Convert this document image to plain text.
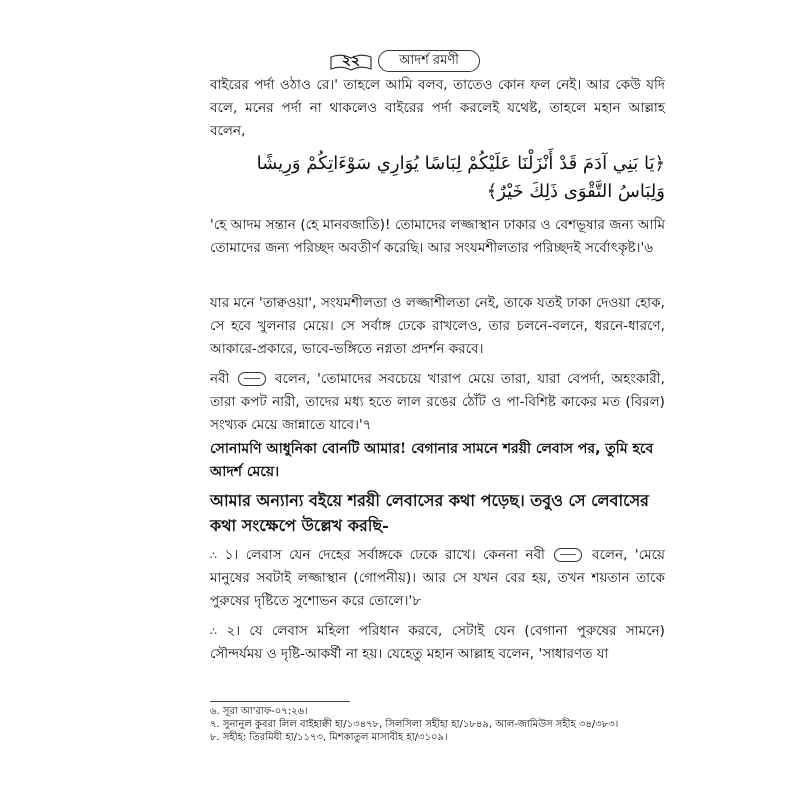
২২	আদর্শ রমণী

বাইরের পর্দা ওঠাও রে।' তাহলে আমি বলব, তাতেও কোন ফল নেই। আর কেউ যদি বলে, মনের পর্দা না থাকলেও বাইরের পর্দা করলেই যথেষ্ট, তাহলে মহান আল্লাহ বলেন,

﴿يَا بَنِي آدَمَ قَدْ أَنْزَلْنَا عَلَيْكُمْ لِبَاسًا يُوَارِي سَوْءَاتِكُمْ وَرِيشًا وَلِبَاسُ التَّقْوَى ذَلِكَ خَيْرٌ﴾

'হে আদম সন্তান (হে মানবজাতি)! তোমাদের লজ্জাস্থান ঢাকার ও বেশভূষার জন্য আমি তোমাদের জন্য পরিচ্ছদ অবতীর্ণ করেছি। আর সংযমশীলতার পরিচ্ছদই সর্বোৎকৃষ্ট।'৬

যার মনে 'তাক্বওয়া', সংযমশীলতা ও লজ্জাশীলতা নেই, তাকে যতই ঢাকা দেওয়া হোক, সে হবে খুলনার মেয়ে। সে সর্বাঙ্গ ঢেকে রাখলেও, তার চলনে-বলনে, ধরনে-ধারণে, আকারে-প্রকারে, ভাবে-ভঙ্গিতে নগ্নতা প্রদর্শন করবে।

নবী	বলেন, 'তোমাদের সবচেয়ে খারাপ মেয়ে তারা, যারা বেপর্দা, অহংকারী, তারা কপট নারী, তাদের মধ্য হতে লাল রঙের ঠোঁট ও পা-বিশিষ্ট কাকের মত (বিরল) সংখ্যক মেয়ে জান্নাতে যাবে।'৭

সোনামণি আধুনিকা বোনটি আমার! বেগানার সামনে শরয়ী লেবাস পর, তুমি হবে আদর্শ মেয়ে।
আমার অন্যান্য বইয়ে শরয়ী লেবাসের কথা পড়েছ। তবুও সে লেবাসের কথা সংক্ষেপে উল্লেখ করছি-

∴ ১। লেবাস যেন দেহের সর্বাঙ্গকে ঢেকে রাখে। কেননা নবী	বলেন, 'মেয়ে মানুষের সবটাই লজ্জাস্থান (গোপনীয়)। আর সে যখন বের হয়, তখন শয়তান তাকে পুরুষের দৃষ্টিতে সুশোভন করে তোলে।'৮

∴ ২। যে লেবাস মহিলা পরিধান করবে, সেটাই যেন (বেগানা পুরুষের সামনে) সৌন্দর্যময় ও দৃষ্টি-আকর্ষী না হয়। যেহেতু মহান আল্লাহ বলেন, 'সাধারণত যা

৬. সূরা আ'রাফ-০৭:২৬।
৭. সুনানুল কুবরা লিল বাইহাক্বী হা/১৩৪৭৮, সিলসিলা সহীহা হা/১৮৪৯, আল-জামিউস সহীহ ৩৪/৩৮৩।
৮. সহীহ: তিরমিযী হা/১১৭৩, মিশকাতুল মাসাবীহ হা/৩১০৯।
